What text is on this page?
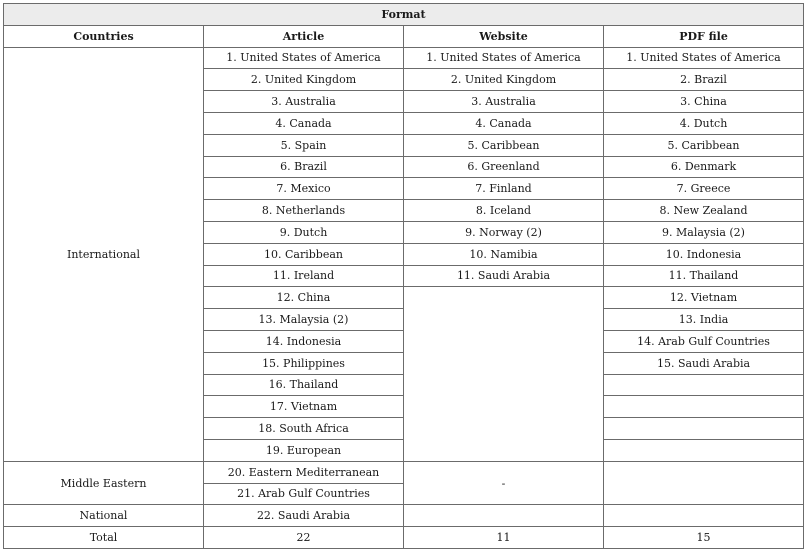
Format			
Countries	Article	Website	PDF file
International	1. United States of America	1. United States of America	1. United States of America
	2. United Kingdom	2. United Kingdom	2. Brazil
	3. Australia	3. Australia	3. China
	4. Canada	4. Canada	4. Dutch
	5. Spain	5. Caribbean	5. Caribbean
	6. Brazil	6. Greenland	6. Denmark
	7. Mexico	7. Finland	7. Greece
	8. Netherlands	8. Iceland	8. New Zealand
	9. Dutch	9. Norway (2)	9. Malaysia (2)
	10. Caribbean	10. Namibia	10. Indonesia
	11. Ireland	11. Saudi Arabia	11. Thailand
	12. China		12. Vietnam
	13. Malaysia (2)		13. India
	14. Indonesia		14. Arab Gulf Countries
	15. Philippines		15. Saudi Arabia
	16. Thailand		
	17. Vietnam		
	18. South Africa		
	19. European		
Middle Eastern	20. Eastern Mediterranean	-	
	21. Arab Gulf Countries		
National	22. Saudi Arabia		
Total	22	11	15
